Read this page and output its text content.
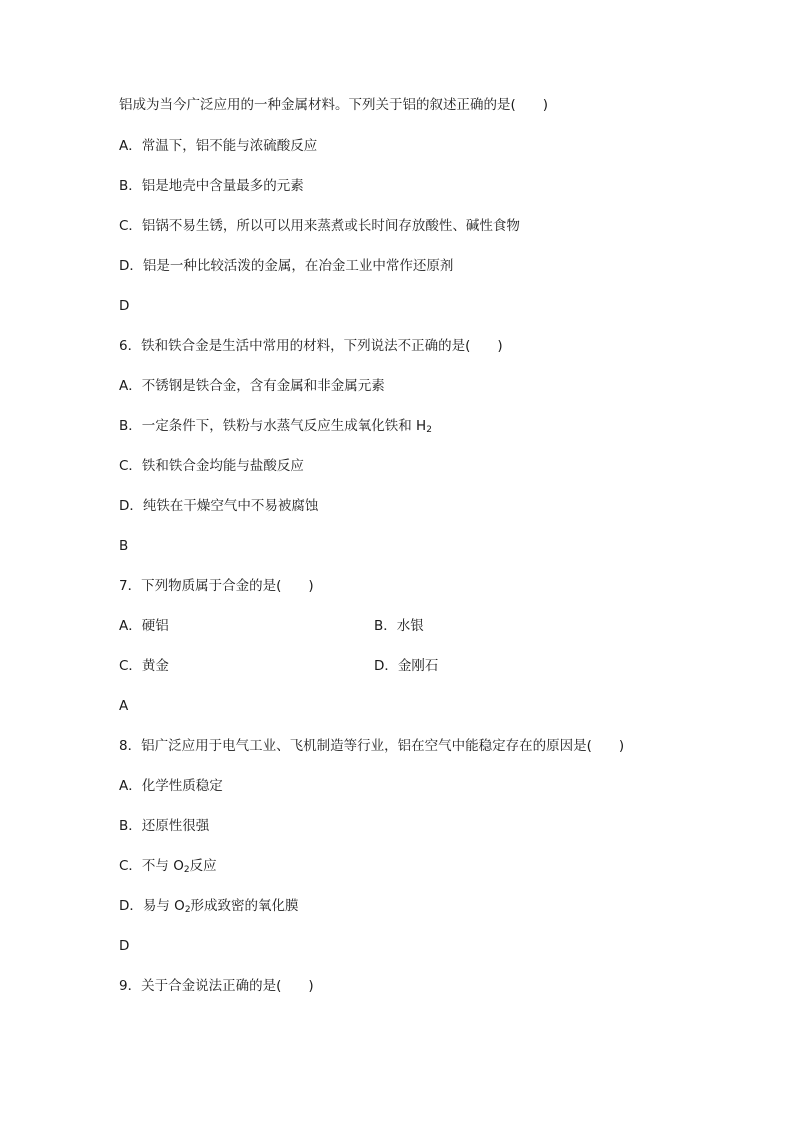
铝成为当今广泛应用的一种金属材料。下列关于铝的叙述正确的是(　　)

A．常温下，铝不能与浓硫酸反应

B．铝是地壳中含量最多的元素

C．铝锅不易生锈，所以可以用来蒸煮或长时间存放酸性、碱性食物

D．铝是一种比较活泼的金属，在冶金工业中常作还原剂

D

6．铁和铁合金是生活中常用的材料，下列说法不正确的是(　　)

A．不锈钢是铁合金，含有金属和非金属元素

B．一定条件下，铁粉与水蒸气反应生成氧化铁和 $H_2$

C．铁和铁合金均能与盐酸反应

D．纯铁在干燥空气中不易被腐蚀

B

7．下列物质属于合金的是(　　)

A．硬铝	B．水银

C．黄金	D．金刚石

A

8．铝广泛应用于电气工业、飞机制造等行业，铝在空气中能稳定存在的原因是(　　)

A．化学性质稳定

B．还原性很强

C．不与 $O_2$反应

D．易与 $O_2$形成致密的氧化膜

D

9．关于合金说法正确的是(　　)
